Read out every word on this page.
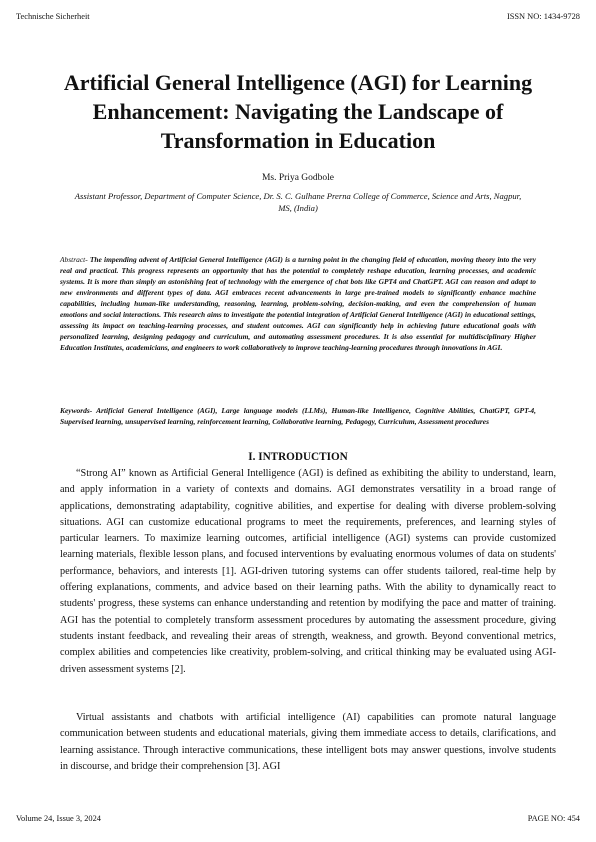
Technische Sicherheit	ISSN NO: 1434-9728
Artificial General Intelligence (AGI) for Learning Enhancement: Navigating the Landscape of Transformation in Education
Ms. Priya Godbole
Assistant Professor, Department of Computer Science, Dr. S. C. Gulhane Prerna College of Commerce, Science and Arts, Nagpur, MS, (India)
Abstract- The impending advent of Artificial General Intelligence (AGI) is a turning point in the changing field of education, moving theory into the very real and practical. This progress represents an opportunity that has the potential to completely reshape education, learning processes, and academic systems. It is more than simply an astonishing feat of technology with the emergence of chat bots like GPT4 and ChatGPT. AGI can reason and adapt to new environments and different types of data. AGI embraces recent advancements in large pre-trained models to significantly enhance machine capabilities, including human-like understanding, reasoning, learning, problem-solving, decision-making, and even the comprehension of human emotions and social interactions. This research aims to investigate the potential integration of Artificial General Intelligence (AGI) in educational settings, assessing its impact on teaching-learning processes, and student outcomes. AGI can significantly help in achieving future educational goals with personalized learning, designing pedagogy and curriculum, and automating assessment procedures. It is also essential for multidisciplinary Higher Education Institutes, academicians, and engineers to work collaboratively to improve teaching-learning procedures through innovations in AGI.
Keywords- Artificial General Intelligence (AGI), Large language models (LLMs), Human-like Intelligence, Cognitive Abilities, ChatGPT, GPT-4, Supervised learning, unsupervised learning, reinforcement learning, Collaborative learning, Pedagogy, Curriculum, Assessment procedures
I. INTRODUCTION

“Strong AI” known as Artificial General Intelligence (AGI) is defined as exhibiting the ability to understand, learn, and apply information in a variety of contexts and domains. AGI demonstrates versatility in a broad range of applications, demonstrating adaptability, cognitive abilities, and expertise for dealing with diverse problem-solving situations. AGI can customize educational programs to meet the requirements, preferences, and learning styles of particular learners. To maximize learning outcomes, artificial intelligence (AGI) systems can provide customized learning materials, flexible lesson plans, and focused interventions by evaluating enormous volumes of data on students' performance, behaviors, and interests [1]. AGI-driven tutoring systems can offer students tailored, real-time help by offering explanations, comments, and advice based on their learning paths. With the ability to dynamically react to students' progress, these systems can enhance understanding and retention by modifying the pace and matter of training. AGI has the potential to completely transform assessment procedures by automating the assessment procedure, giving students instant feedback, and revealing their areas of strength, weakness, and growth. Beyond conventional metrics, complex abilities and competencies like creativity, problem-solving, and critical thinking may be evaluated using AGI-driven assessment systems [2].

Virtual assistants and chatbots with artificial intelligence (AI) capabilities can promote natural language communication between students and educational materials, giving them immediate access to details, clarifications, and learning assistance. Through interactive communications, these intelligent bots may answer questions, involve students in discourse, and bridge their comprehension [3]. AGI

Volume 24, Issue 3, 2024	PAGE NO: 454
